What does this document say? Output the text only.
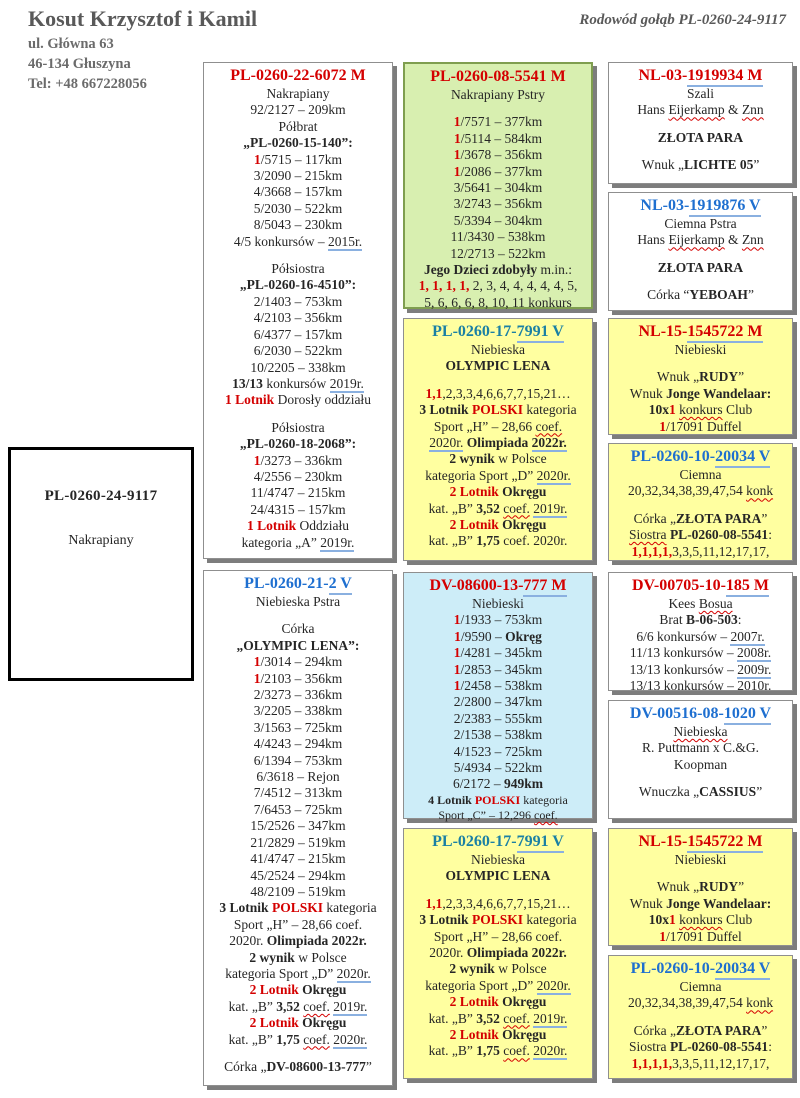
Kosut Krzysztof i Kamil
ul. Główna 63
46-134 Głuszyna
Tel: +48 667228056
Rodowód gołąb PL-0260-24-9117
PL-0260-24-9117
Nakrapiany
PL-0260-22-6072 M
Nakrapiany
92/2127 – 209km
Półbrat
„PL-0260-15-140”:
1/5715 – 117km
3/2090 – 215km
4/3668 – 157km
5/2030 – 522km
8/5043 – 230km
4/5 konkursów – 2015r.

Półsiostra
„PL-0260-16-4510”:
2/1403 – 753km
4/2103 – 356km
6/4377 – 157km
6/2030 – 522km
10/2205 – 338km
13/13 konkursów 2019r.
1 Lotnik Dorosły oddziału

Półsiostra
„PL-0260-18-2068”:
1/3273 – 336km
4/2556 – 230km
11/4747 – 215km
24/4315 – 157km
1 Lotnik Oddziału
kategoria „A” 2019r.
PL-0260-21-2 V
Niebieska Pstra

Córka
„OLYMPIC LENA”:
1/3014 – 294km
1/2103 – 356km
2/3273 – 336km
3/2205 – 338km
3/1563 – 725km
4/4243 – 294km
6/1394 – 753km
6/3618 – Rejon
7/4512 – 313km
7/6453 – 725km
15/2526 – 347km
21/2829 – 519km
41/4747 – 215km
45/2524 – 294km
48/2109 – 519km
3 Lotnik POLSKI kategoria
Sport „H” – 28,66 coef.
2020r. Olimpiada 2022r.
2 wynik w Polsce
kategoria Sport „D” 2020r.
2 Lotnik Okręgu
kat. „B” 3,52 coef. 2019r.
2 Lotnik Okręgu
kat. „B” 1,75 coef. 2020r.

Córka „DV-08600-13-777”
PL-0260-08-5541 M
Nakrapiany Pstry

1/7571 – 377km
1/5114 – 584km
1/3678 – 356km
1/2086 – 377km
3/5641 – 304km
3/2743 – 356km
5/3394 – 304km
11/3430 – 538km
12/2713 – 522km
Jego Dzieci zdobyły m.in.:
1, 1, 1, 1, 2, 3, 4, 4, 4, 4, 4, 5,
5, 6, 6, 6, 8, 10, 11 konkurs
PL-0260-17-7991 V
Niebieska
OLYMPIC LENA

1,1,2,3,3,4,6,6,7,7,15,21…
3 Lotnik POLSKI kategoria
Sport „H” – 28,66 coef.
2020r. Olimpiada 2022r.
2 wynik w Polsce
kategoria Sport „D” 2020r.
2 Lotnik Okręgu
kat. „B” 3,52 coef. 2019r.
2 Lotnik Okręgu
kat. „B” 1,75 coef. 2020r.
DV-08600-13-777 M
Niebieski
1/1933 – 753km
1/9590 – Okręg
1/4281 – 345km
1/2853 – 345km
1/2458 – 538km
2/2800 – 347km
2/2383 – 555km
2/1538 – 538km
4/1523 – 725km
5/4934 – 522km
6/2172 – 949km
4 Lotnik POLSKI kategoria
Sport „C” – 12,296 coef.
PL-0260-17-7991 V
Niebieska
OLYMPIC LENA

1,1,2,3,3,4,6,6,7,7,15,21…
3 Lotnik POLSKI kategoria
Sport „H” – 28,66 coef.
2020r. Olimpiada 2022r.
2 wynik w Polsce
kategoria Sport „D” 2020r.
2 Lotnik Okręgu
kat. „B” 3,52 coef. 2019r.
2 Lotnik Okręgu
kat. „B” 1,75 coef. 2020r.
NL-03-1919934 M
Szali
Hans Eijerkamp & Znn

ZŁOTA PARA

Wnuk „LICHTE 05”
NL-03-1919876 V
Ciemna Pstra
Hans Eijerkamp & Znn

ZŁOTA PARA

Córka “YEBOAH”
NL-15-1545722 M
Niebieski

Wnuk „RUDY”
Wnuk Jonge Wandelaar:
10x1 konkurs Club
1/17091 Duffel
PL-0260-10-20034 V
Ciemna
20,32,34,38,39,47,54 konk

Córka „ZŁOTA PARA”
Siostra PL-0260-08-5541:
1,1,1,1,3,3,5,11,12,17,17,
DV-00705-10-185 M
Kees Bosua
Brat B-06-503:
6/6 konkursów – 2007r.
11/13 konkursów – 2008r.
13/13 konkursów – 2009r.
13/13 konkursów – 2010r.
DV-00516-08-1020 V
Niebieska
R. Puttmann x C.&G.
Koopman

Wnuczka „CASSIUS”
NL-15-1545722 M
Niebieski

Wnuk „RUDY”
Wnuk Jonge Wandelaar:
10x1 konkurs Club
1/17091 Duffel
PL-0260-10-20034 V
Ciemna
20,32,34,38,39,47,54 konk

Córka „ZŁOTA PARA”
Siostra PL-0260-08-5541:
1,1,1,1,3,3,5,11,12,17,17,
